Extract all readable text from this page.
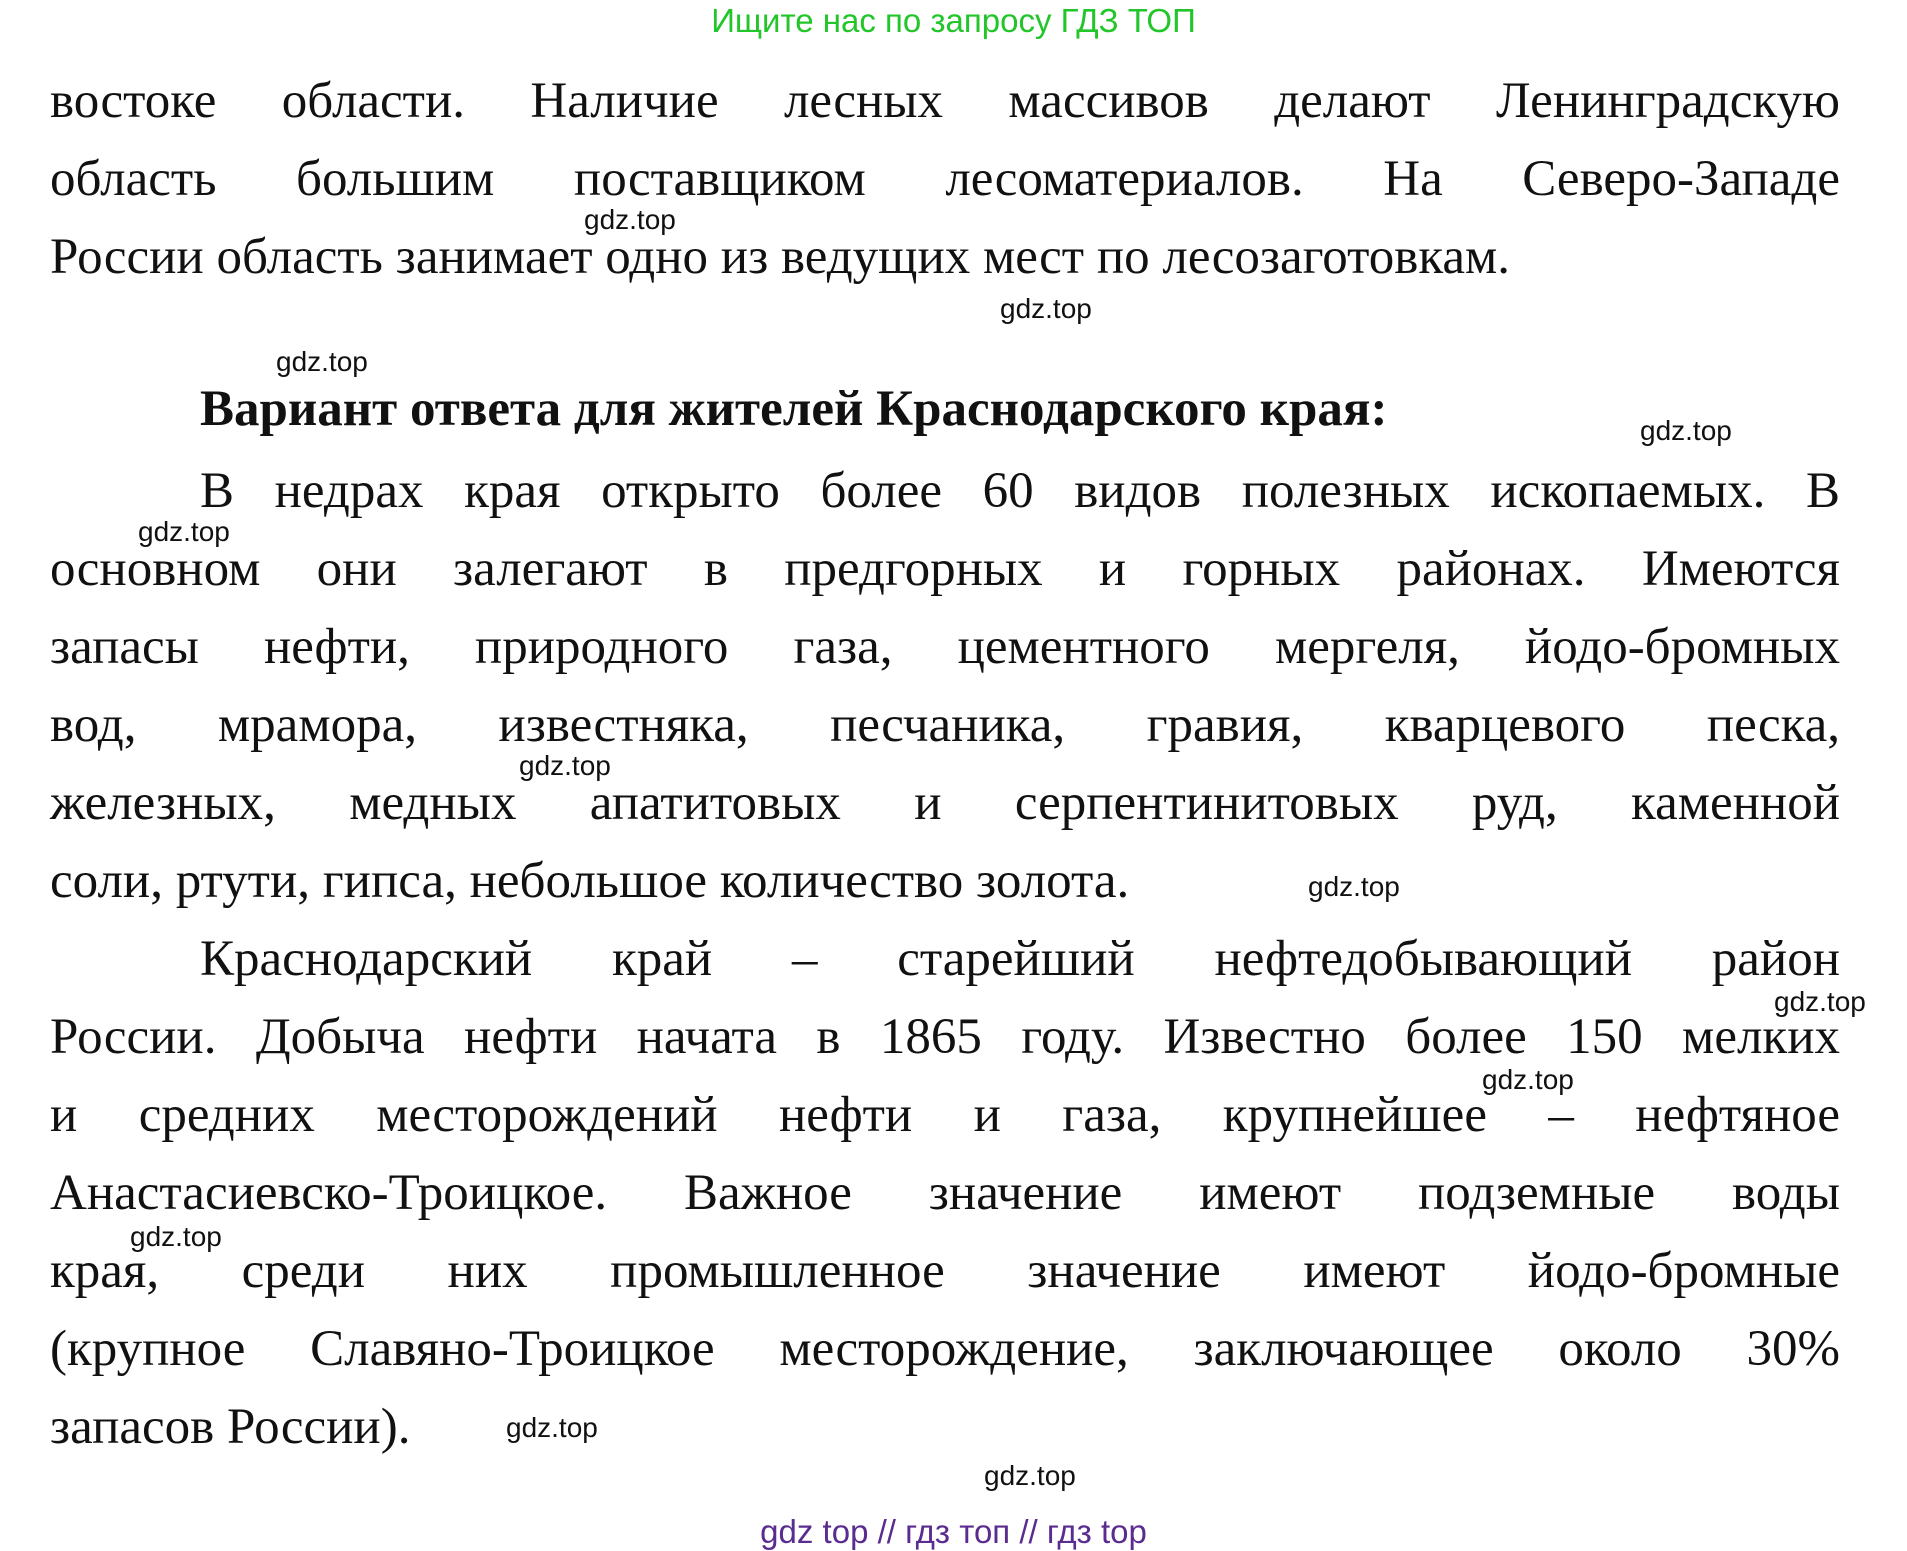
Ищите нас по запросу ГДЗ ТОП
востоке области. Наличие лесных массивов делают Ленинградскую
область большим поставщиком лесоматериалов. На Северо-Западе
России область занимает одно из ведущих мест по лесозаготовкам.
Вариант ответа для жителей Краснодарского края:
В недрах края открыто более 60 видов полезных ископаемых. В
основном они залегают в предгорных и горных районах. Имеются
запасы нефти, природного газа, цементного мергеля, йодо-бромных
вод, мрамора, известняка, песчаника, гравия, кварцевого песка,
железных, медных апатитовых и серпентинитовых руд, каменной
соли, ртути, гипса, небольшое количество золота.
Краснодарский край – старейший нефтедобывающий район
России. Добыча нефти начата в 1865 году. Известно более 150 мелких
и средних месторождений нефти и газа, крупнейшее – нефтяное
Анастасиевско-Троицкое. Важное значение имеют подземные воды
края, среди них промышленное значение имеют йодо-бромные
(крупное Славяно-Троицкое месторождение, заключающее около 30%
запасов России).
gdz.top
gdz.top
gdz.top
gdz.top
gdz.top
gdz.top
gdz.top
gdz.top
gdz.top
gdz.top
gdz.top
gdz.top
gdz top // гдз топ // гдз top
